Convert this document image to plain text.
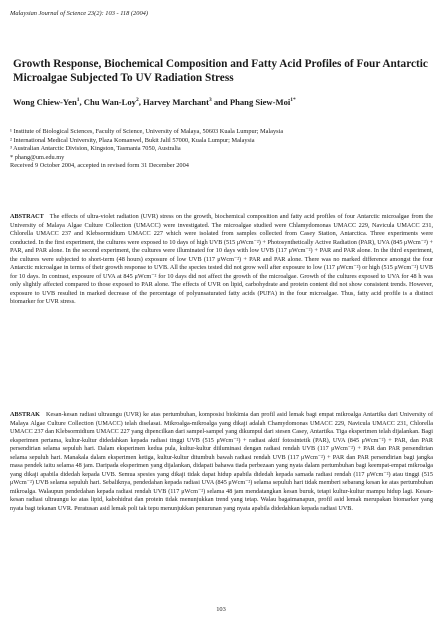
Malaysian Journal of Science 23(2): 103 - 118 (2004)
Growth Response, Biochemical Composition and Fatty Acid Profiles of Four Antarctic Microalgae Subjected To UV Radiation Stress
Wong Chiew-Yen$^1$, Chu Wan-Loy$^2$, Harvey Marchant$^3$ and Phang Siew-Moi$^{1*}$
¹ Institute of Biological Sciences, Faculty of Science, University of Malaya, 50603 Kuala Lumpur; Malaysia
² International Medical University, Plaza Komanwel, Bukit Jalil 57000, Kuala Lumpur; Malaysia
³ Australian Antarctic Division, Kingston, Tasmania 7050, Australia
* phang@um.edu.my
Received 9 October 2004, accepted in revised form 31 December 2004
ABSTRACT The effects of ultra-violet radiation (UVR) stress on the growth, biochemical composition and fatty acid profiles of four Antarctic microalgae from the University of Malaya Algae Culture Collection (UMACC) were investigated. The microalgae studied were Chlamydomonas UMACC 229, Navicula UMACC 231, Chlorella UMACC 237 and Klebsormidium UMACC 227 which were isolated from samples collected from Casey Station, Antarctica. Three experiments were conducted. In the first experiment, the cultures were exposed to 10 days of high UVB (515 μWcm⁻²) + Photosynthetically Active Radiation (PAR), UVA (845 μWcm⁻²) + PAR, and PAR alone. In the second experiment, the cultures were illuminated for 10 days with low UVB (117 μWcm⁻²) + PAR and PAR alone. In the third experiment, the cultures were subjected to short-term (48 hours) exposure of low UVB (117 μWcm⁻²) + PAR and PAR alone. There was no marked difference amongst the four Antarctic microalgae in terms of their growth response to UVB. All the species tested did not grow well after exposure to low (117 μWcm⁻²) or high (515 μWcm⁻²) UVB for 10 days. In contrast, exposure of UVA at 845 μWcm⁻² for 10 days did not affect the growth of the microalgae. Growth of the cultures exposed to UVA for 48 h was only slightly affected compared to those exposed to PAR alone. The effects of UVR on lipid, carbohydrate and protein content did not show consistent trends. However, exposure to UVB resulted in marked decrease of the percentage of polyunsaturated fatty acids (PUFA) in the four microalgae. Thus, fatty acid profile is a distinct biomarker for UVR stress.
ABSTRAK Kesan-kesan radiasi ultraungu (UVR) ke atas pertumbuhan, komposisi biokimia dan profil asid lemak bagi empat mikroalga Antartika dari University of Malaya Algae Culture Collection (UMACC) telah diselasai. Mikroalga-mikroalga yang dikaji adalah Chamydomonas UMACC 229, Navicula UMACC 231, Chlorella UMACC 237 dan Klebsormidium UMACC 227 yang dipencilkan dari sampel-sampel yang dikumpul dari stesen Casey, Antartika. Tiga eksperimen telah dijalankan. Bagi eksperimen pertama, kultur-kultur didedahkan kepada radiasi tinggi UVB (515 μWcm⁻²) + radiasi aktif fotosintetik (PAR), UVA (845 μWcm⁻²) + PAR, dan PAR persendirian selama sepuluh hari. Dalam eksperimen kedua pula, kultur-kultur diiluminasi dengan radiasi rendah UVB (117 μWcm⁻²) + PAR dan PAR persendirian selama sepuluh hari. Manakala dalam eksperimen ketiga, kultur-kultur ditumbuh bawah radiasi rendah UVB (117 μWcm⁻²) + PAR dan PAR persendirian bagi jangka masa pendek iaitu selama 48 jam. Daripada eksperimen yang dijalankan, didapati bahawa tiada perbezaan yang nyata dalam pertumbuhan bagi keempat-empat mikroalga yang dikaji apabila didedah kepada UVB. Semua spesies yang dikaji tidak dapat hidup apabila didedah kepada samada radiasi rendah (117 μWcm⁻²) atau tinggi (515 μWcm⁻²) UVB selama sepuluh hari. Sebaliknya, pendedahan kepada radiasi UVA (845 μWcm⁻²) selama sepuluh hari tidak memberi sebarang kesan ke atas pertumbuhan mikroalga. Walaupun pendedahan kepada radiasi rendah UVB (117 μWcm⁻²) selama 48 jam mendatangkan kesan buruk, tetapi kultur-kultur mampu hidup lagi. Kesan-kesan radiasi ultraungu ke atas lipid, kabohidrat dan protein tidak menunjukkan trend yang tetap. Walau bagaimanapun, profil asid lemak merupakan biomarker yang nyata bagi tekanan UVR. Peratusan asid lemak poli tak tepu menunjukkan penurunan yang nyata apabila didedahkan kepada radiasi UVB.
103
